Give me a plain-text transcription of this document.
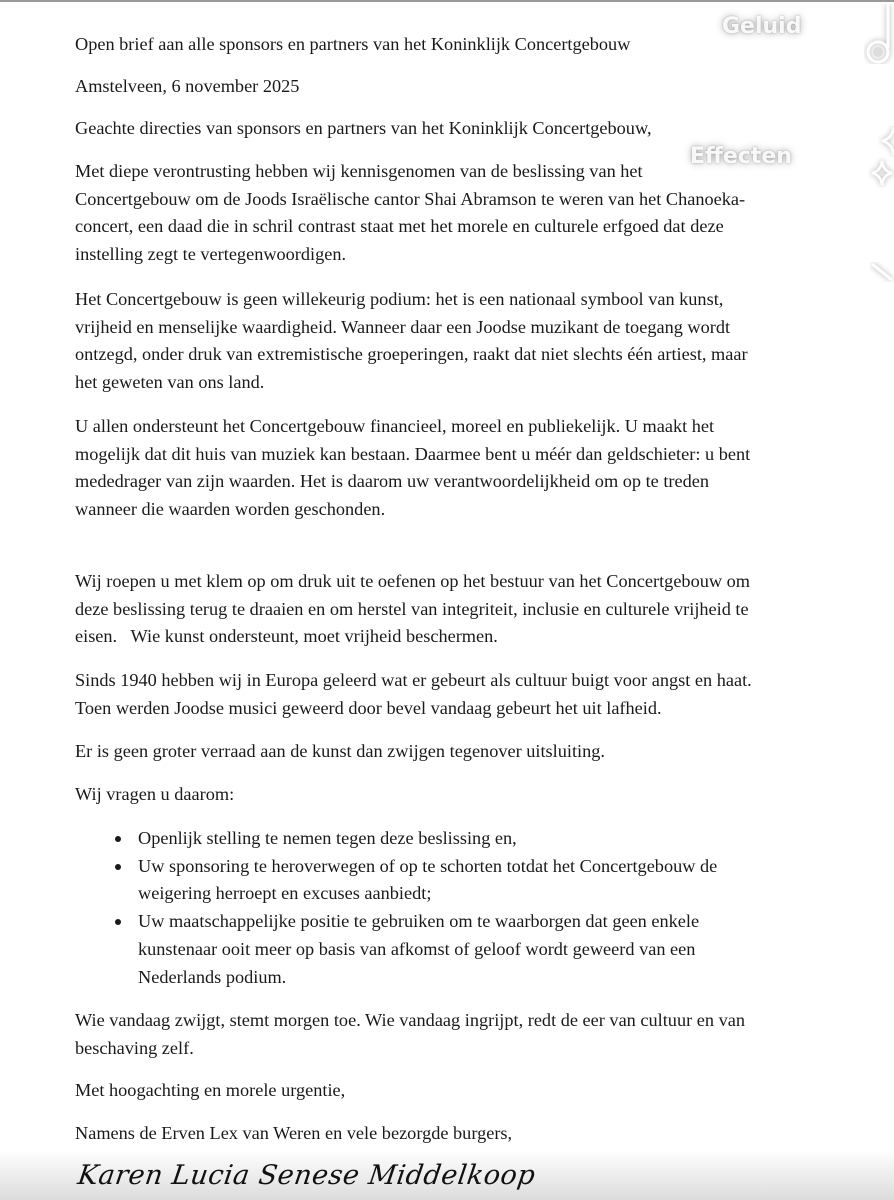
Open brief aan alle sponsors en partners van het Koninklijk Concertgebouw
Amstelveen, 6 november 2025
Geachte directies van sponsors en partners van het Koninklijk Concertgebouw,
Met diepe verontrusting hebben wij kennisgenomen van de beslissing van het
Concertgebouw om de Joods Israëlische cantor Shai Abramson te weren van het Chanoeka-
concert, een daad die in schril contrast staat met het morele en culturele erfgoed dat deze
instelling zegt te vertegenwoordigen.
Het Concertgebouw is geen willekeurig podium: het is een nationaal symbool van kunst,
vrijheid en menselijke waardigheid. Wanneer daar een Joodse muzikant de toegang wordt
ontzegd, onder druk van extremistische groeperingen, raakt dat niet slechts één artiest, maar
het geweten van ons land.
U allen ondersteunt het Concertgebouw financieel, moreel en publiekelijk. U maakt het
mogelijk dat dit huis van muziek kan bestaan. Daarmee bent u méér dan geldschieter: u bent
mededrager van zijn waarden. Het is daarom uw verantwoordelijkheid om op te treden
wanneer die waarden worden geschonden.
Wij roepen u met klem op om druk uit te oefenen op het bestuur van het Concertgebouw om
deze beslissing terug te draaien en om herstel van integriteit, inclusie en culturele vrijheid te
eisen.   Wie kunst ondersteunt, moet vrijheid beschermen.
Sinds 1940 hebben wij in Europa geleerd wat er gebeurt als cultuur buigt voor angst en haat.
Toen werden Joodse musici geweerd door bevel vandaag gebeurt het uit lafheid.
Er is geen groter verraad aan de kunst dan zwijgen tegenover uitsluiting.
Wij vragen u daarom:
Openlijk stelling te nemen tegen deze beslissing en,
Uw sponsoring te heroverwegen of op te schorten totdat het Concertgebouw de
weigering herroept en excuses aanbiedt;
Uw maatschappelijke positie te gebruiken om te waarborgen dat geen enkele
kunstenaar ooit meer op basis van afkomst of geloof wordt geweerd van een
Nederlands podium.
Wie vandaag zwijgt, stemt morgen toe. Wie vandaag ingrijpt, redt de eer van cultuur en van
beschaving zelf.
Met hoogachting en morele urgentie,
Namens de Erven Lex van Weren en vele bezorgde burgers,
Karen Lucia Senese Middelkoop
Geluid
Effecten
